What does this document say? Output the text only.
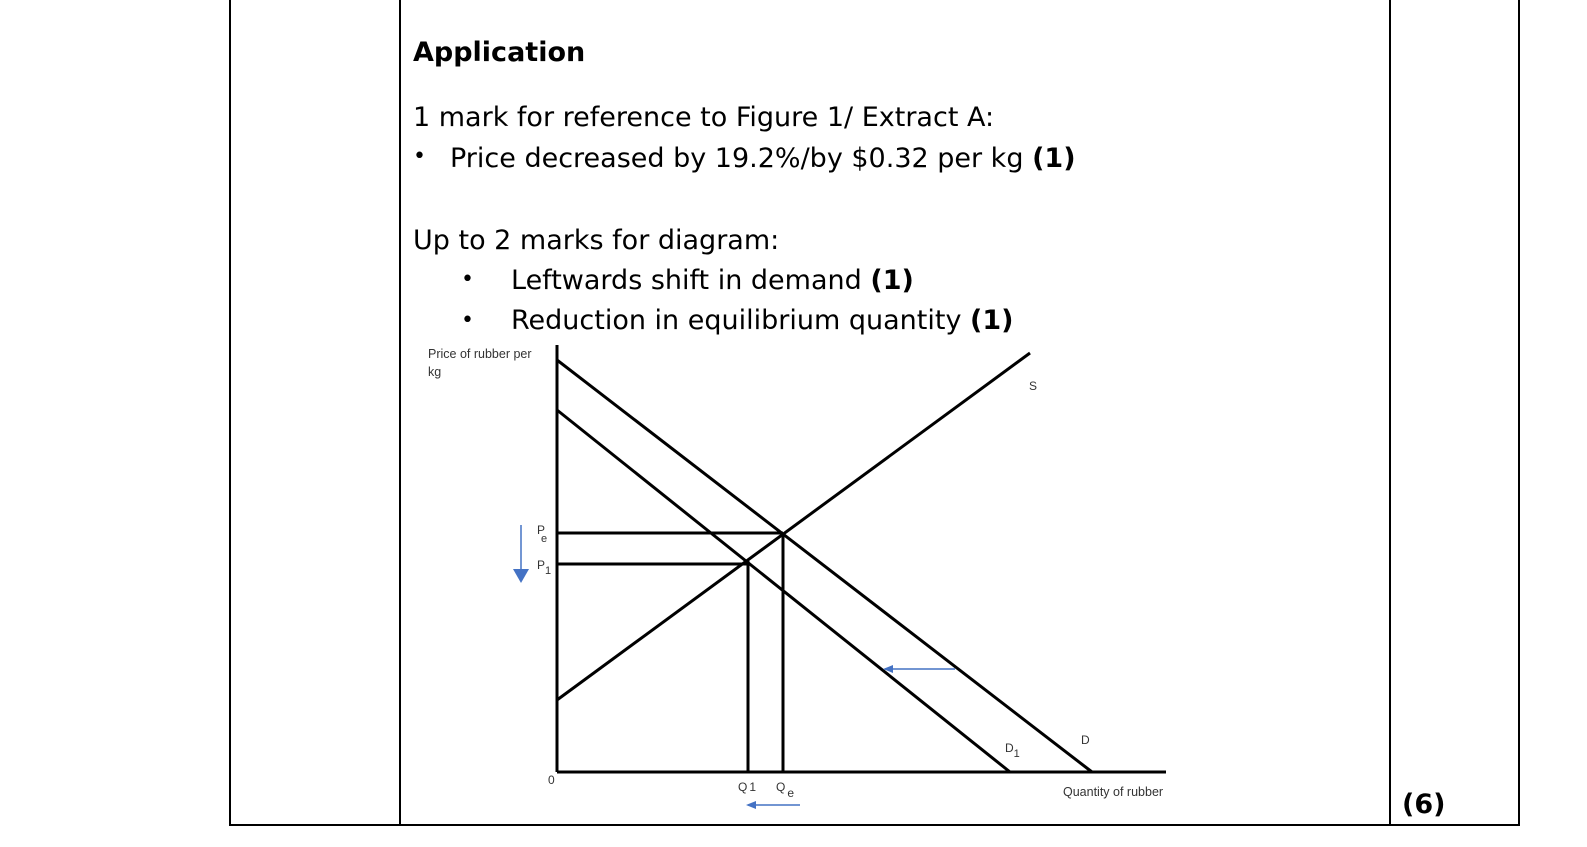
Application
1 mark for reference to Figure 1/ Extract A:
• Price decreased by 19.2%/by $0.32 per kg (1)
Up to 2 marks for diagram:
• Leftwards shift in demand (1)
• Reduction in equilibrium quantity (1)
Price of rubber per
kg
Quantity of rubber
0
S
D
D1
P e
P1
Q 1 Q e	(6)
